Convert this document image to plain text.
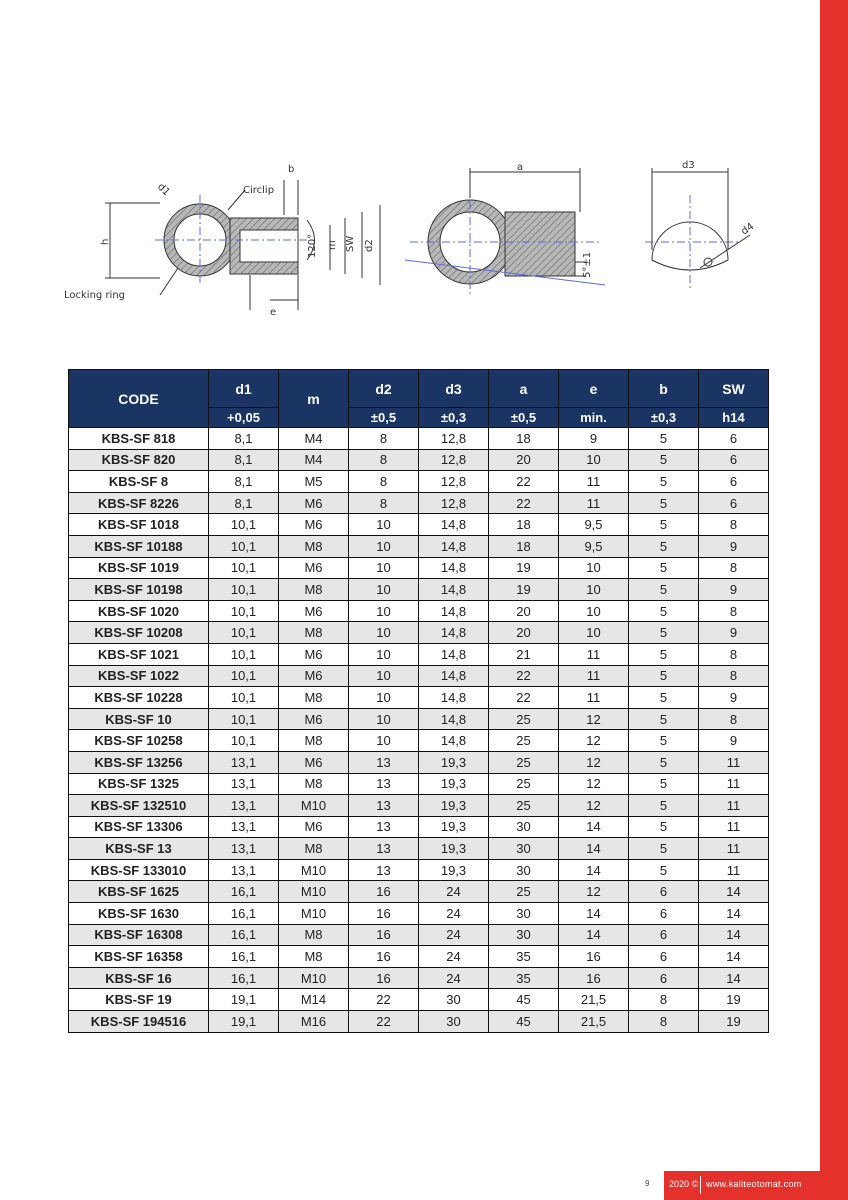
Locking ring
Circlip
d1
h
b
e
120° m SW d2
a
5°±1
d3
d4
CODE	d1	m	d2	d3	a	e	b	SW
	+0,05		±0,5	±0,3	±0,5	min.	±0,3	h14
KBS-SF 818	8,1	M4	8	12,8	18	9	5	6
KBS-SF 820	8,1	M4	8	12,8	20	10	5	6
KBS-SF 8	8,1	M5	8	12,8	22	11	5	6
KBS-SF 8226	8,1	M6	8	12,8	22	11	5	6
KBS-SF 1018	10,1	M6	10	14,8	18	9,5	5	8
KBS-SF 10188	10,1	M8	10	14,8	18	9,5	5	9
KBS-SF 1019	10,1	M6	10	14,8	19	10	5	8
KBS-SF 10198	10,1	M8	10	14,8	19	10	5	9
KBS-SF 1020	10,1	M6	10	14,8	20	10	5	8
KBS-SF 10208	10,1	M8	10	14,8	20	10	5	9
KBS-SF 1021	10,1	M6	10	14,8	21	11	5	8
KBS-SF 1022	10,1	M6	10	14,8	22	11	5	8
KBS-SF 10228	10,1	M8	10	14,8	22	11	5	9
KBS-SF 10	10,1	M6	10	14,8	25	12	5	8
KBS-SF 10258	10,1	M8	10	14,8	25	12	5	9
KBS-SF 13256	13,1	M6	13	19,3	25	12	5	11
KBS-SF 1325	13,1	M8	13	19,3	25	12	5	11
KBS-SF 132510	13,1	M10	13	19,3	25	12	5	11
KBS-SF 13306	13,1	M6	13	19,3	30	14	5	11
KBS-SF 13	13,1	M8	13	19,3	30	14	5	11
KBS-SF 133010	13,1	M10	13	19,3	30	14	5	11
KBS-SF 1625	16,1	M10	16	24	25	12	6	14
KBS-SF 1630	16,1	M10	16	24	30	14	6	14
KBS-SF 16308	16,1	M8	16	24	30	14	6	14
KBS-SF 16358	16,1	M8	16	24	35	16	6	14
KBS-SF 16	16,1	M10	16	24	35	16	6	14
KBS-SF 19	19,1	M14	22	30	45	21,5	8	19
KBS-SF 194516	19,1	M16	22	30	45	21,5	8	19
9 2020 © www.kaliteotomat.com
